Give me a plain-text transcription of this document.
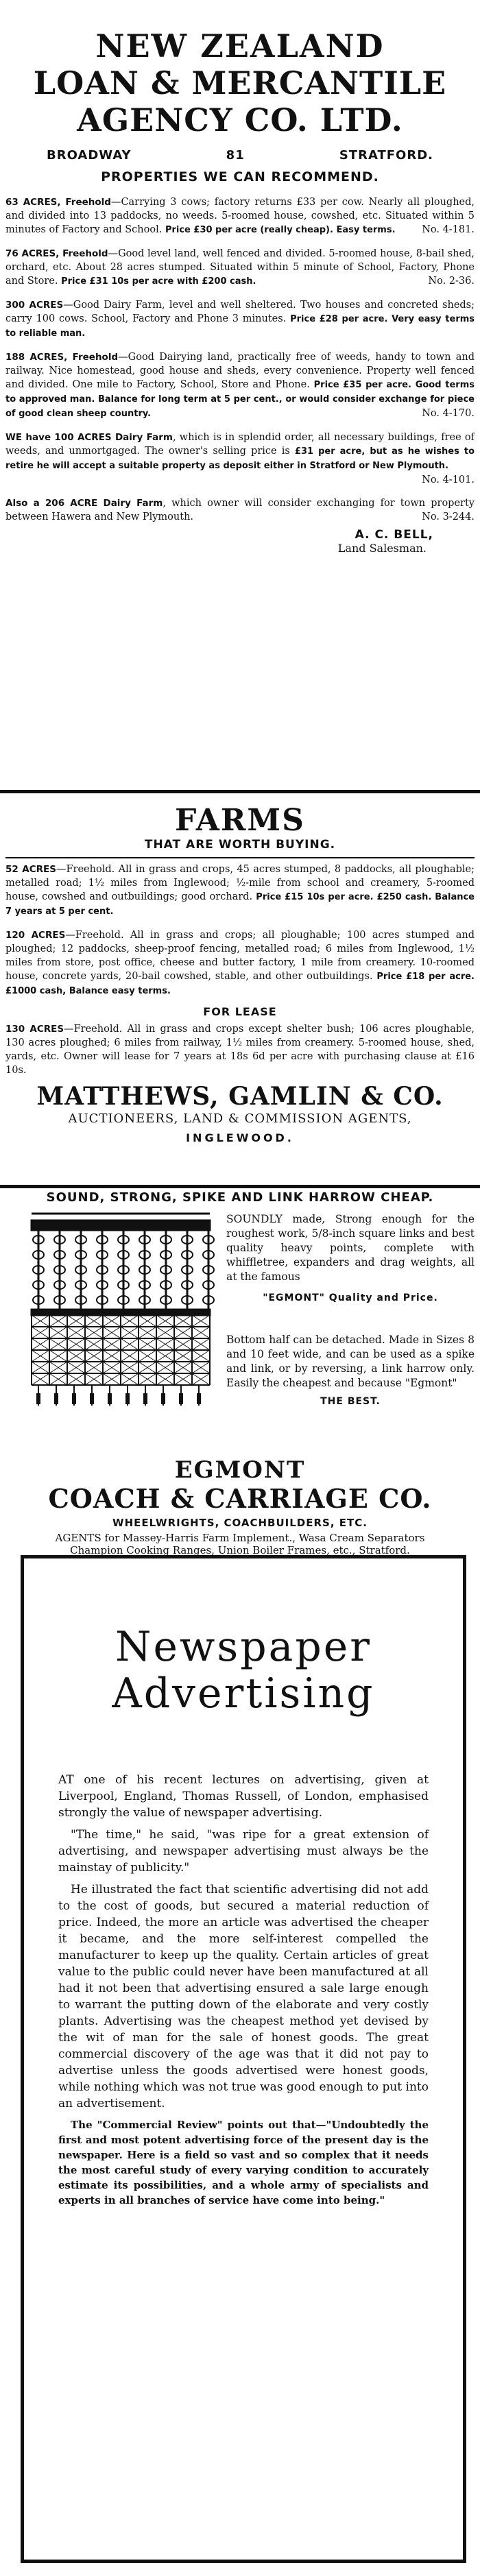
NEW ZEALAND
LOAN & MERCANTILE
AGENCY CO. LTD.
BROADWAY	81	STRATFORD.
PROPERTIES WE CAN RECOMMEND.

63 ACRES, Freehold—Carrying 3 cows; factory returns £33 per cow. Nearly all ploughed, and divided into 13 paddocks, no weeds. 5-roomed house, cowshed, etc. Situated within 5 minutes of Factory and School. Price £30 per acre (really cheap). Easy terms.	No. 4-181.

76 ACRES, Freehold—Good level land, well fenced and divided. 5-roomed house, 8-bail shed, orchard, etc. About 28 acres stumped. Situated within 5 minute of School, Factory, Phone and Store. Price £31 10s per acre with £200 cash.	No. 2-36.

300 ACRES—Good Dairy Farm, level and well sheltered. Two houses and concreted sheds; carry 100 cows. School, Factory and Phone 3 minutes. Price £28 per acre. Very easy terms to reliable man.

188 ACRES, Freehold—Good Dairying land, practically free of weeds, handy to town and railway. Nice homestead, good house and sheds, every convenience. Property well fenced and divided. One mile to Factory, School, Store and Phone. Price £35 per acre. Good terms to approved man. Balance for long term at 5 per cent., or would consider exchange for piece of good clean sheep country.	No. 4-170.

WE have 100 ACRES Dairy Farm, which is in splendid order, all necessary buildings, free of weeds, and unmortgaged. The owner's selling price is £31 per acre, but as he wishes to retire he will accept a suitable property as deposit either in Stratford or New Plymouth.
No. 4-101.

Also a 206 ACRE Dairy Farm, which owner will consider exchanging for town property between Hawera and New Plymouth.	No. 3-244.

A. C. BELL,
Land Salesman.
FARMS
THAT ARE WORTH BUYING.

52 ACRES—Freehold. All in grass and crops, 45 acres stumped, 8 paddocks, all ploughable; metalled road; 1½ miles from Inglewood; ½-mile from school and creamery, 5-roomed house, cowshed and outbuildings; good orchard. Price £15 10s per acre. £250 cash. Balance 7 years at 5 per cent.

120 ACRES—Freehold. All in grass and crops; all ploughable; 100 acres stumped and ploughed; 12 paddocks, sheep-proof fencing, metalled road; 6 miles from Inglewood, 1½ miles from store, post office, cheese and butter factory, 1 mile from creamery. 10-roomed house, concrete yards, 20-bail cowshed, stable, and other outbuildings. Price £18 per acre. £1000 cash, Balance easy terms.

FOR LEASE

130 ACRES—Freehold. All in grass and crops except shelter bush; 106 acres ploughable, 130 acres ploughed; 6 miles from railway, 1½ miles from creamery. 5-roomed house, shed, yards, etc. Owner will lease for 7 years at 18s 6d per acre with purchasing clause at £16 10s.

MATTHEWS, GAMLIN & CO.
AUCTIONEERS, LAND & COMMISSION AGENTS,
INGLEWOOD.
SOUND, STRONG, SPIKE AND LINK HARROW CHEAP.

SOUNDLY made, Strong enough for the roughest work, 5/8-inch square links and best quality heavy points, complete with whiffletree, expanders and drag weights, all at the famous

"EGMONT" Quality and Price.

Bottom half can be detached. Made in Sizes 8 and 10 feet wide, and can be used as a spike and link, or by reversing, a link harrow only. Easily the cheapest and because "Egmont"

THE BEST.

EGMONT
COACH & CARRIAGE CO.
WHEELWRIGHTS, COACHBUILDERS, ETC.
AGENTS for Massey-Harris Farm Implement., Wasa Cream Separators
Champion Cooking Ranges, Union Boiler Frames, etc., Stratford.
Newspaper
Advertising

AT one of his recent lectures on advertising, given at Liverpool, England, Thomas Russell, of London, emphasised strongly the value of newspaper advertising.

"The time," he said, "was ripe for a great extension of advertising, and newspaper advertising must always be the mainstay of publicity."

He illustrated the fact that scientific advertising did not add to the cost of goods, but secured a material reduction of price. Indeed, the more an article was advertised the cheaper it became, and the more self-interest compelled the manufacturer to keep up the quality. Certain articles of great value to the public could never have been manufactured at all had it not been that advertising ensured a sale large enough to warrant the putting down of the elaborate and very costly plants. Advertising was the cheapest method yet devised by the wit of man for the sale of honest goods. The great commercial discovery of the age was that it did not pay to advertise unless the goods advertised were honest goods, while nothing which was not true was good enough to put into an advertisement.

The "Commercial Review" points out that—"Undoubtedly the first and most potent advertising force of the present day is the newspaper. Here is a field so vast and so complex that it needs the most careful study of every varying condition to accurately estimate its possibilities, and a whole army of specialists and experts in all branches of service have come into being."
